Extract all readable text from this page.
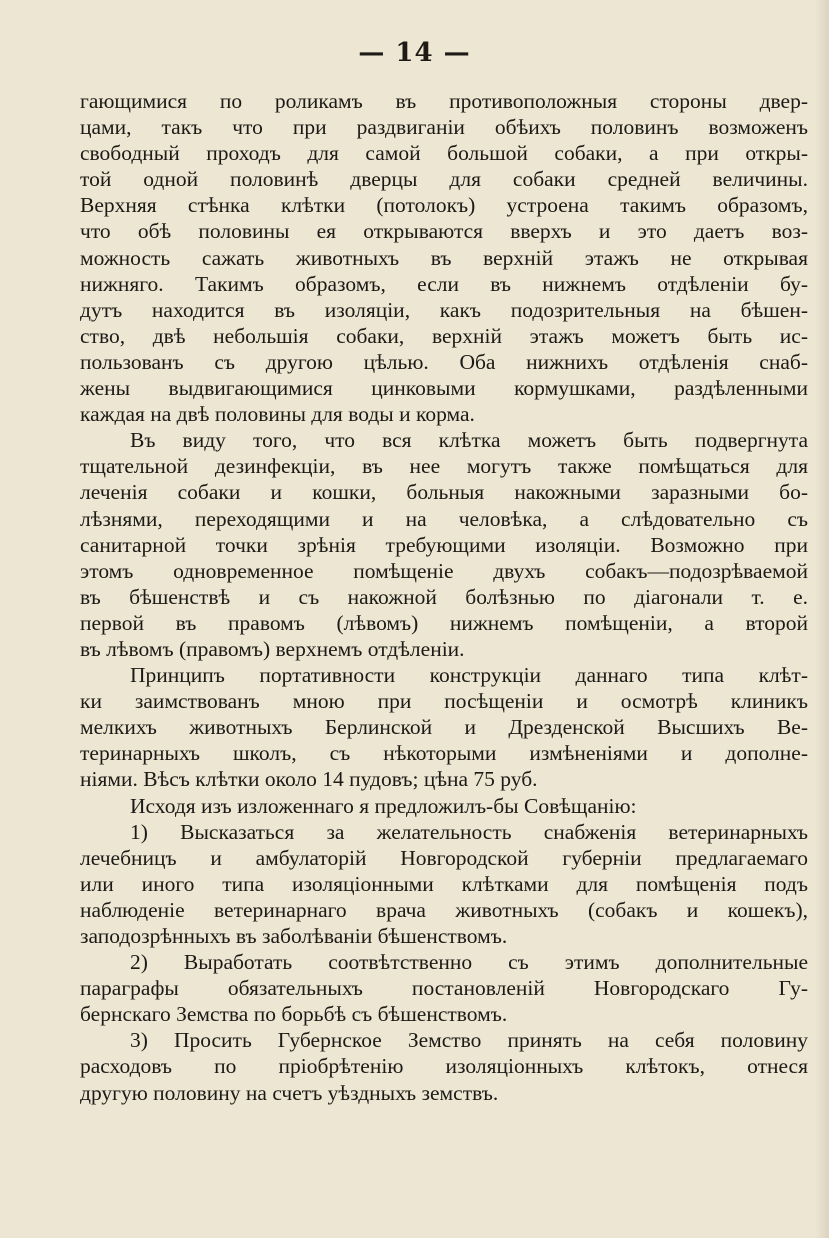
— 14 —
гающимися по роликамъ въ противоположныя стороны двер-
цами, такъ что при раздвиганіи обѣихъ половинъ возможенъ
свободный проходъ для самой большой собаки, а при откры-
той одной половинѣ дверцы для собаки средней величины.
Верхняя стѣнка клѣтки (потолокъ) устроена такимъ образомъ,
что обѣ половины ея открываются вверхъ и это даетъ воз-
можность сажать животныхъ въ верхній этажъ не открывая
нижняго. Такимъ образомъ, если въ нижнемъ отдѣленіи бу-
дутъ находится въ изоляціи, какъ подозрительныя на бѣшен-
ство, двѣ небольшія собаки, верхній этажъ можетъ быть ис-
пользованъ съ другою цѣлью. Оба нижнихъ отдѣленія снаб-
жены выдвигающимися цинковыми кормушками, раздѣленными
каждая на двѣ половины для воды и корма.
Въ виду того, что вся клѣтка можетъ быть подвергнута
тщательной дезинфекціи, въ нее могутъ также помѣщаться для
леченія собаки и кошки, больныя накожными заразными бо-
лѣзнями, переходящими и на человѣка, а слѣдовательно съ
санитарной точки зрѣнія требующими изоляціи. Возможно при
этомъ одновременное помѣщеніе двухъ собакъ—подозрѣваемой
въ бѣшенствѣ и съ накожной болѣзнью по діагонали т. е.
первой въ правомъ (лѣвомъ) нижнемъ помѣщеніи, а второй
въ лѣвомъ (правомъ) верхнемъ отдѣленіи.
Принципъ портативности конструкціи даннаго типа клѣт-
ки заимствованъ мною при посѣщеніи и осмотрѣ клиникъ
мелкихъ животныхъ Берлинской и Дрезденской Высшихъ Ве-
теринарныхъ школъ, съ нѣкоторыми измѣненіями и дополне-
ніями. Вѣсъ клѣтки около 14 пудовъ; цѣна 75 руб.
Исходя изъ изложеннаго я предложилъ-бы Совѣщанію:
1) Высказаться за желательность снабженія ветеринарныхъ
лечебницъ и амбулаторій Новгородской губерніи предлагаемаго
или иного типа изоляціонными клѣтками для помѣщенія подъ
наблюденіе ветеринарнаго врача животныхъ (собакъ и кошекъ),
заподозрѣнныхъ въ заболѣваніи бѣшенствомъ.
2) Выработать соотвѣтственно съ этимъ дополнительные
параграфы обязательныхъ постановленій Новгородскаго Гу-
бернскаго Земства по борьбѣ съ бѣшенствомъ.
3) Просить Губернское Земство принять на себя половину
расходовъ по пріобрѣтенію изоляціонныхъ клѣтокъ, отнеся
другую половину на счетъ уѣздныхъ земствъ.
